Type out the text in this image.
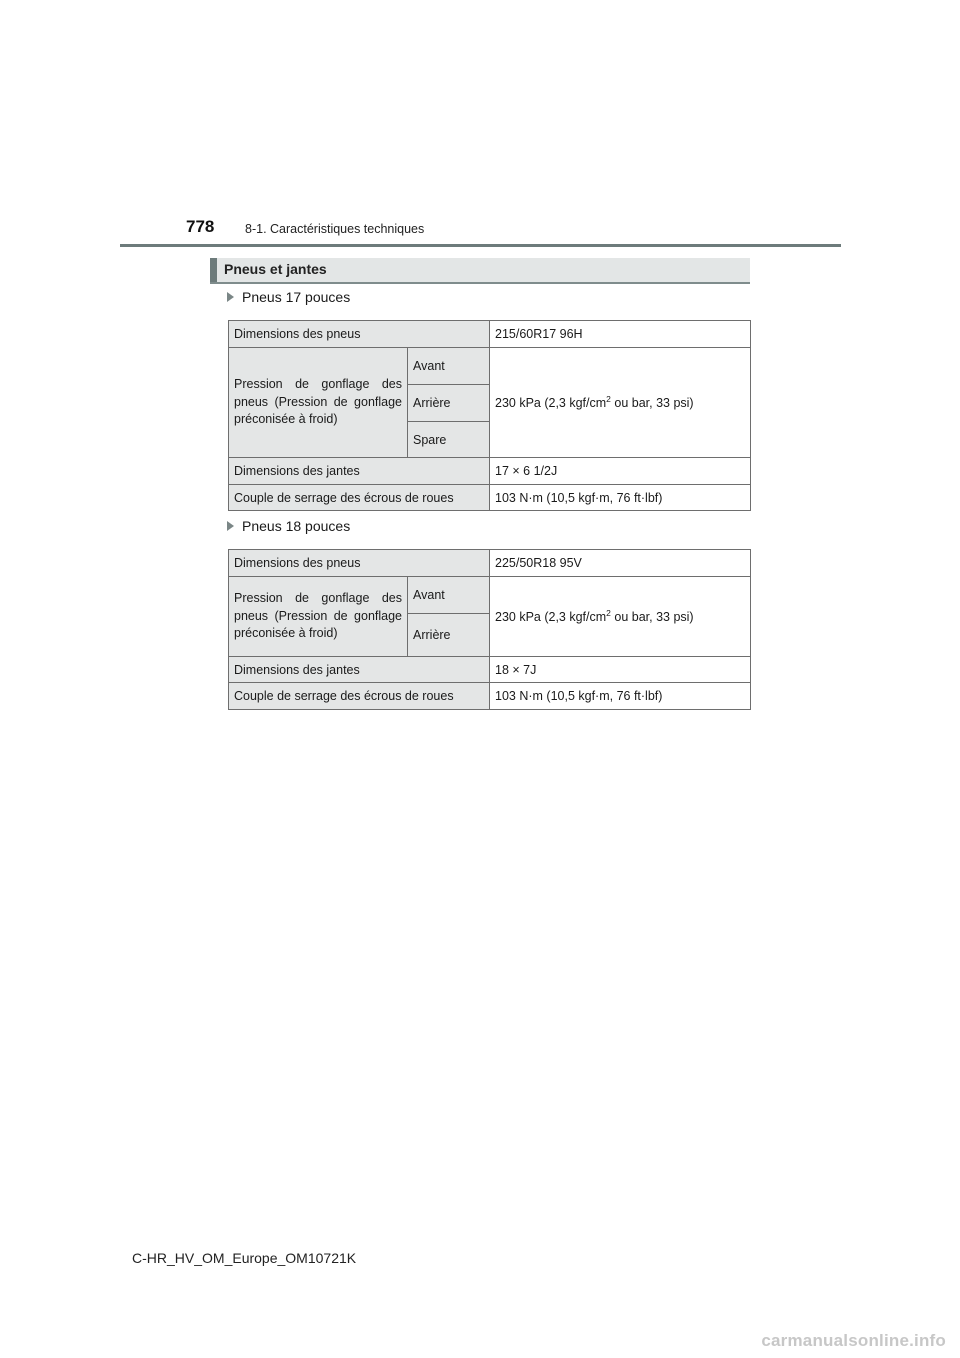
778 8-1. Caractéristiques techniques
Pneus et jantes
Pneus 17 pouces
Dimensions des pneus		215/60R17 96H
Pression de gonflage des pneus (Pression de gonflage préconisée à froid)	Avant	230 kPa (2,3 kgf/$cm^2$ ou bar, 33 psi)
	Arrière	
	Spare	
Dimensions des jantes		17 × 6 1/2J
Couple de serrage des écrous de roues		103 N·m (10,5 kgf·m, 76 ft·lbf)
Pneus 18 pouces
Dimensions des pneus		225/50R18 95V
Pression de gonflage des pneus (Pression de gonflage préconisée à froid)	Avant	230 kPa (2,3 kgf/$cm^2$ ou bar, 33 psi)
	Arrière	
Dimensions des jantes		18 × 7J
Couple de serrage des écrous de roues		103 N·m (10,5 kgf·m, 76 ft·lbf)
C-HR_HV_OM_Europe_OM10721K
carmanualsonline.info
